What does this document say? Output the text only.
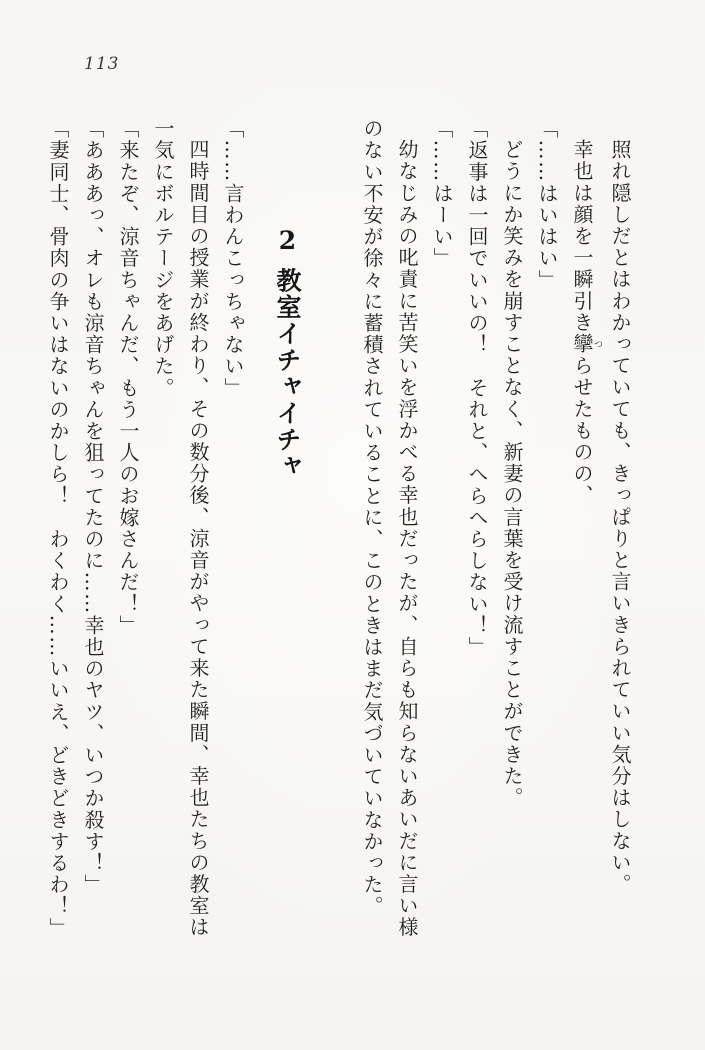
113

照れ隠しだとはわかっていても、きっぱりと言いきられていい気分はしない。

幸也は顔を一瞬引き攣つらせたものの、

「……はいはい」

どうにか笑みを崩すことなく、新妻の言葉を受け流すことができた。

「返事は一回でいいの！　それと、へらへらしない！」

「……はーい」

幼なじみの叱責に苦笑いを浮かべる幸也だったが、自らも知らないあいだに言い様

のない不安が徐々に蓄積されていることに、このときはまだ気づいていなかった。

2教室イチャイチャ

「……言わんこっちゃない」

四時間目の授業が終わり、その数分後、涼音がやって来た瞬間、幸也たちの教室は

一気にボルテージをあげた。

「来たぞ、涼音ちゃんだ、もう一人のお嫁さんだ！」

「あああっ、オレも涼音ちゃんを狙ってたのに……幸也のヤツ、いつか殺す！」

「妻同士、骨肉の争いはないのかしら！　わくわく……いいえ、どきどきするわ！」
